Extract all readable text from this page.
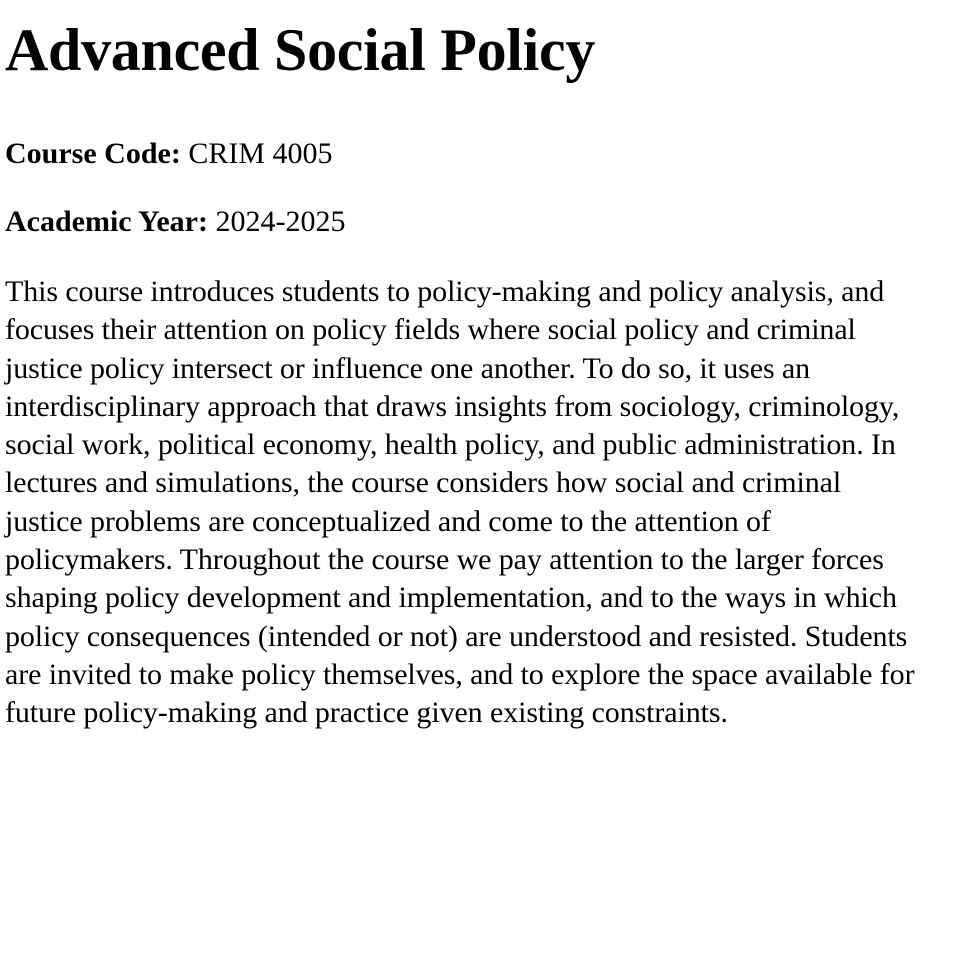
Advanced Social Policy

Course Code: CRIM 4005

Academic Year: 2024-2025

This course introduces students to policy-making and policy analysis, and
focuses their attention on policy fields where social policy and criminal
justice policy intersect or influence one another. To do so, it uses an
interdisciplinary approach that draws insights from sociology, criminology,
social work, political economy, health policy, and public administration. In
lectures and simulations, the course considers how social and criminal
justice problems are conceptualized and come to the attention of
policymakers. Throughout the course we pay attention to the larger forces
shaping policy development and implementation, and to the ways in which
policy consequences (intended or not) are understood and resisted. Students
are invited to make policy themselves, and to explore the space available for
future policy-making and practice given existing constraints.
